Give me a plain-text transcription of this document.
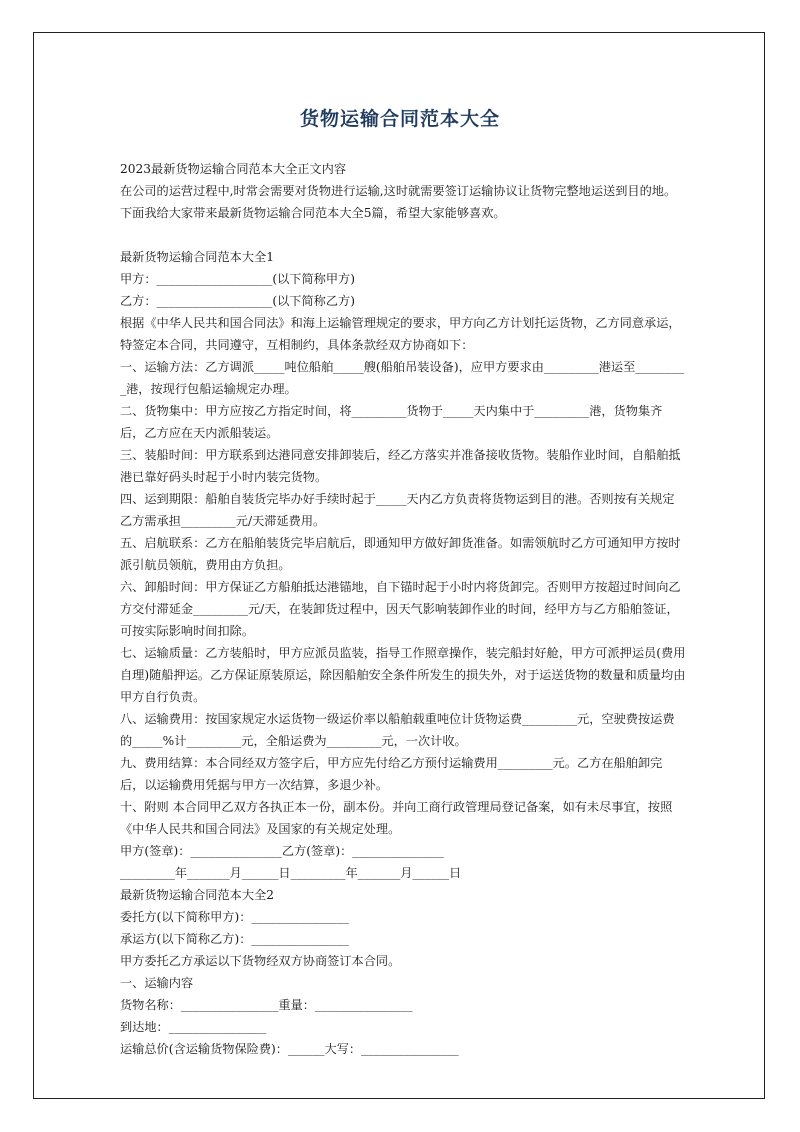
货物运输合同范本大全

2023最新货物运输合同范本大全正文内容

在公司的运营过程中,时常会需要对货物进行运输,这时就需要签订运输协议让货物完整地运送到目的地。下面我给大家带来最新货物运输合同范本大全5篇，希望大家能够喜欢。

最新货物运输合同范本大全1

甲方：___________________(以下简称甲方)

乙方：___________________(以下简称乙方)

根据《中华人民共和国合同法》和海上运输管理规定的要求，甲方向乙方计划托运货物，乙方同意承运，特签定本合同，共同遵守，互相制约，具体条款经双方协商如下：

一、运输方法：乙方调派_____吨位船舶_____艘(船舶吊装设备)，应甲方要求由_________港运至_________港，按现行包船运输规定办理。

二、货物集中：甲方应按乙方指定时间，将_________货物于_____天内集中于_________港，货物集齐后，乙方应在天内派船装运。

三、装船时间：甲方联系到达港同意安排卸装后，经乙方落实并准备接收货物。装船作业时间，自船舶抵港已靠好码头时起于小时内装完货物。

四、运到期限：船舶自装货完毕办好手续时起于_____天内乙方负责将货物运到目的港。否则按有关规定乙方需承担_________元/天滞延费用。

五、启航联系：乙方在船舶装货完毕启航后，即通知甲方做好卸货准备。如需领航时乙方可通知甲方按时派引航员领航，费用由方负担。

六、卸船时间：甲方保证乙方船舶抵达港锚地，自下锚时起于小时内将货卸完。否则甲方按超过时间向乙方交付滞延金_________元/天，在装卸货过程中，因天气影响装卸作业的时间，经甲方与乙方船舶签证，可按实际影响时间扣除。

七、运输质量：乙方装船时，甲方应派员监装，指导工作照章操作，装完船封好舱，甲方可派押运员(费用自理)随船押运。乙方保证原装原运，除因船舶安全条件所发生的损失外，对于运送货物的数量和质量均由甲方自行负责。

八、运输费用：按国家规定水运货物一级运价率以船舶载重吨位计货物运费_________元，空驶费按运费的_____%计_________元，全船运费为_________元，一次计收。

九、费用结算：本合同经双方签字后，甲方应先付给乙方预付运输费用_________元。乙方在船舶卸完后，以运输费用凭据与甲方一次结算，多退少补。

十、附则 本合同甲乙双方各执正本一份，副本份。并向工商行政管理局登记备案，如有未尽事宜，按照《中华人民共和国合同法》及国家的有关规定处理。

甲方(签章)：_______________乙方(签章)：_______________

_________年_______月______日_________年_______月______日

最新货物运输合同范本大全2

委托方(以下简称甲方)：________________

承运方(以下简称乙方)：________________

甲方委托乙方承运以下货物经双方协商签订本合同。

一、运输内容

货物名称：________________重量：________________

到达地：________________

运输总价(含运输货物保险费)：______大写：________________
